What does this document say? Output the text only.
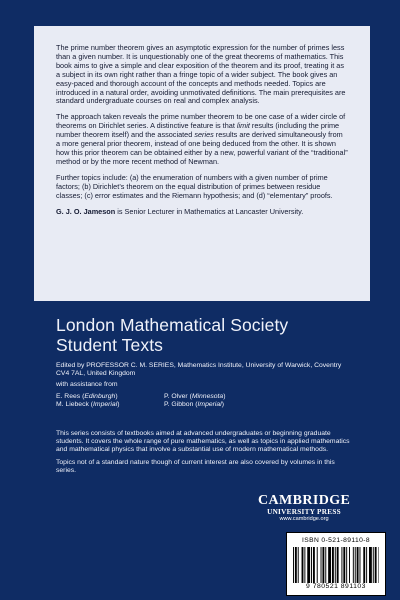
The prime number theorem gives an asymptotic expression for the number of primes less than a given number. It is unquestionably one of the great theorems of mathematics. This book aims to give a simple and clear exposition of the theorem and its proof, treating it as a subject in its own right rather than a fringe topic of a wider subject. The book gives an easy-paced and thorough account of the concepts and methods needed. Topics are introduced in a natural order, avoiding unmotivated definitions. The main prerequisites are standard undergraduate courses on real and complex analysis.

The approach taken reveals the prime number theorem to be one case of a wider circle of theorems on Dirichlet series. A distinctive feature is that limit results (including the prime number theorem itself) and the associated series results are derived simultaneously from a more general prior theorem, instead of one being deduced from the other. It is shown how this prior theorem can be obtained either by a new, powerful variant of the “traditional” method or by the more recent method of Newman.

Further topics include: (a) the enumeration of numbers with a given number of prime factors; (b) Dirichlet’s theorem on the equal distribution of primes between residue classes; (c) error estimates and the Riemann hypothesis; and (d) “elementary” proofs.

G. J. O. Jameson is Senior Lecturer in Mathematics at Lancaster University.

London Mathematical Society
Student Texts

Edited by PROFESSOR C. M. SERIES, Mathematics Institute, University of Warwick, Coventry CV4 7AL, United Kingdom

with assistance from

E. Rees (Edinburgh)	P. Olver (Minnesota)
M. Liebeck (Imperial)	P. Gibbon (Imperial)

This series consists of textbooks aimed at advanced undergraduates or beginning graduate students. It covers the whole range of pure mathematics, as well as topics in applied mathematics and mathematical physics that involve a substantial use of modern mathematical methods.

Topics not of a standard nature though of current interest are also covered by volumes in this series.

CAMBRIDGE
UNIVERSITY PRESS
www.cambridge.org
ISBN 0-521-89110-8
9 780521 891103
